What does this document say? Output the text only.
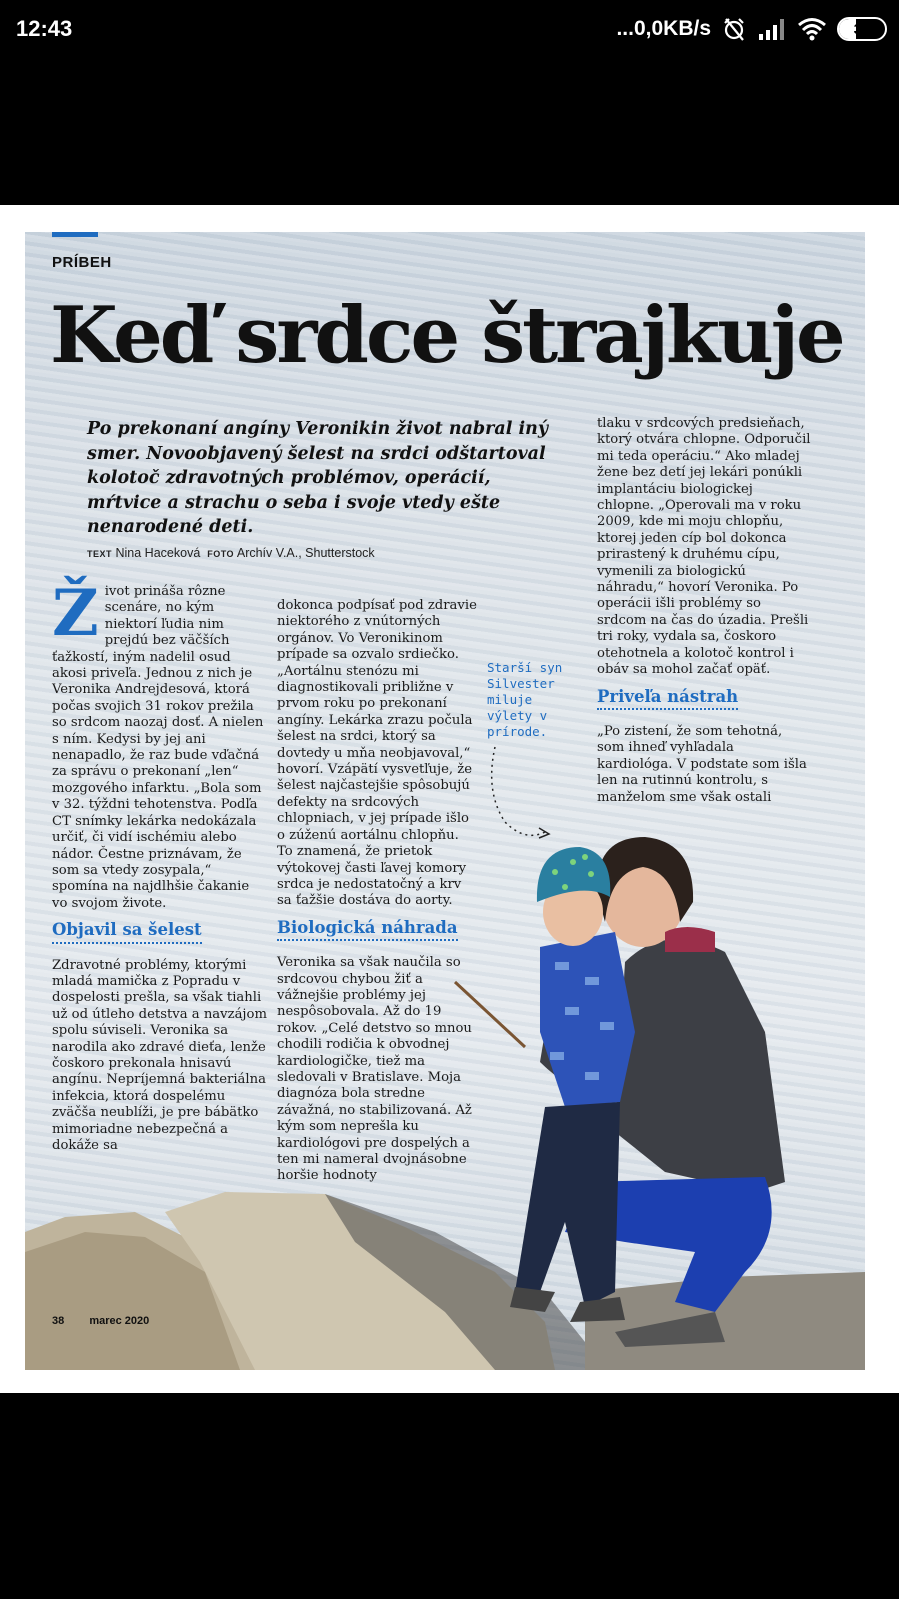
12:43	...0,0KB/s	38
PRÍBEH
Keď srdce štrajkuje
Po prekonaní angíny Veronikin život nabral iný smer. Novoobjavený šelest na srdci odštartoval kolotoč zdravotných problémov, operácií, mŕtvice a strachu o seba i svoje vtedy ešte nenarodené deti.
TEXT Nina Haceková FOTO Archív V.A., Shutterstock
Ž ivot prináša rôzne scenáre, no kým niektorí ľudia nim prejdú bez väčších ťažkostí, iným nadelil osud akosi priveľa. Jednou z nich je Veronika Andrejdesová, ktorá počas svojich 31 rokov prežila so srdcom naozaj dosť. A nielen s ním. Kedysi by jej ani nenapadlo, že raz bude vďačná za správu o prekonaní „len“ mozgového infarktu. „Bola som v 32. týždni tehotenstva. Podľa CT snímky lekárka nedokázala určiť, či vidí ischémiu alebo nádor. Čestne priznávam, že som sa vtedy zosypala,“ spomína na najdlhšie čakanie vo svojom živote.

Objavil sa šelest

Zdravotné problémy, ktorými mladá mamička z Popradu v dospelosti prešla, sa však tiahli už od útleho detstva a navzájom spolu súviseli. Veronika sa narodila ako zdravé dieťa, lenže čoskoro prekonala hnisavú angínu. Nepríjemná bakteriálna infekcia, ktorá dospelému zväčša neublíži, je pre bábätko mimoriadne nebezpečná a dokáže sa

dokonca podpísať pod zdravie niektorého z vnútorných orgánov. Vo Veronikinom prípade sa ozvalo srdiečko. „Aortálnu stenózu mi diagnostikovali približne v prvom roku po prekonaní angíny. Lekárka zrazu počula šelest na srdci, ktorý sa dovtedy u mňa neobjavoval,“ hovorí. Vzápätí vysvetľuje, že šelest najčastejšie spôsobujú defekty na srdcových chlopniach, v jej prípade išlo o zúženú aortálnu chlopňu. To znamená, že prietok výtokovej časti ľavej komory srdca je nedostatočný a krv sa ťažšie dostáva do aorty.

Biologická náhrada

Veronika sa však naučila so srdcovou chybou žiť a vážnejšie problémy jej nespôsobovala. Až do 19 rokov. „Celé detstvo so mnou chodili rodičia k obvodnej kardiologičke, tiež ma sledovali v Bratislave. Moja diagnóza bola stredne závažná, no stabilizovaná. Až kým som neprešla ku kardiológovi pre dospelých a ten mi nameral dvojnásobne horšie hodnoty

Starší syn Silvester miluje výlety v prírode.

tlaku v srdcových predsieňach, ktorý otvára chlopne. Odporučil mi teda operáciu.“ Ako mladej žene bez detí jej lekári ponúkli implantáciu biologickej chlopne. „Operovali ma v roku 2009, kde mi moju chlopňu, ktorej jeden cíp bol dokonca prirastený k druhému cípu, vymenili za biologickú náhradu,“ hovorí Veronika. Po operácii išli problémy so srdcom na čas do úzadia. Prešli tri roky, vydala sa, čoskoro otehotnela a kolotoč kontrol i obáv sa mohol začať opäť.

Priveľa nástrah

„Po zistení, že som tehotná, som ihneď vyhľadala kardiológa. V podstate som išla len na rutinnú kontrolu, s manželom sme však ostali

38 marec 2020
